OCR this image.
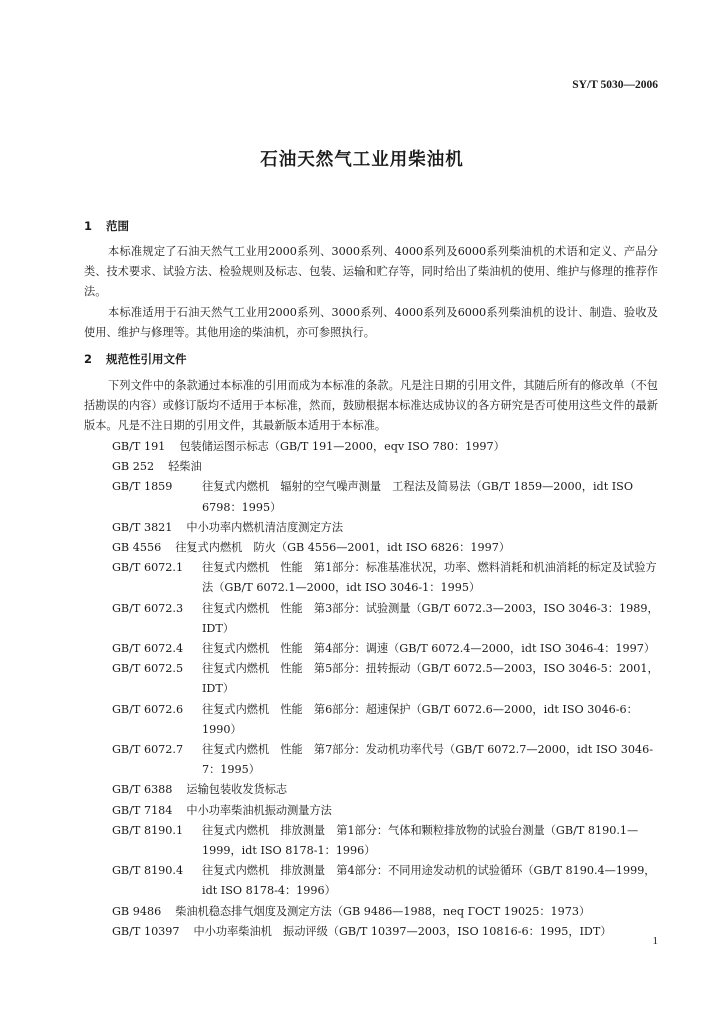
SY/T 5030—2006
石油天然气工业用柴油机
1 范围

本标准规定了石油天然气工业用2000系列、3000系列、4000系列及6000系列柴油机的术语和定义、产品分类、技术要求、试验方法、检验规则及标志、包装、运输和贮存等，同时给出了柴油机的使用、维护与修理的推荐作法。

本标准适用于石油天然气工业用2000系列、3000系列、4000系列及6000系列柴油机的设计、制造、验收及使用、维护与修理等。其他用途的柴油机，亦可参照执行。

2 规范性引用文件

下列文件中的条款通过本标准的引用而成为本标准的条款。凡是注日期的引用文件，其随后所有的修改单（不包括勘误的内容）或修订版均不适用于本标准，然而，鼓励根据本标准达成协议的各方研究是否可使用这些文件的最新版本。凡是不注日期的引用文件，其最新版本适用于本标准。

GB/T 191 包装储运图示标志（GB/T 191—2000，eqv ISO 780：1997）
GB 252 轻柴油
GB/T 1859	往复式内燃机　辐射的空气噪声测量　工程法及简易法（GB/T 1859—2000，idt ISO 6798：1995）
GB/T 3821 中小功率内燃机清洁度测定方法
GB 4556 往复式内燃机　防火（GB 4556—2001，idt ISO 6826：1997）
GB/T 6072.1	往复式内燃机　性能　第1部分：标准基准状况，功率、燃料消耗和机油消耗的标定及试验方法（GB/T 6072.1—2000，idt ISO 3046-1：1995）
GB/T 6072.3	往复式内燃机　性能　第3部分：试验测量（GB/T 6072.3—2003，ISO 3046-3：1989，IDT）
GB/T 6072.4	往复式内燃机　性能　第4部分：调速（GB/T 6072.4—2000，idt ISO 3046-4：1997）
GB/T 6072.5	往复式内燃机　性能　第5部分：扭转振动（GB/T 6072.5—2003，ISO 3046-5：2001，IDT）
GB/T 6072.6	往复式内燃机　性能　第6部分：超速保护（GB/T 6072.6—2000，idt ISO 3046-6：1990）
GB/T 6072.7	往复式内燃机　性能　第7部分：发动机功率代号（GB/T 6072.7—2000，idt ISO 3046-7：1995）
GB/T 6388 运输包装收发货标志
GB/T 7184 中小功率柴油机振动测量方法
GB/T 8190.1	往复式内燃机　排放测量　第1部分：气体和颗粒排放物的试验台测量（GB/T 8190.1—1999，idt ISO 8178-1：1996）
GB/T 8190.4	往复式内燃机　排放测量　第4部分：不同用途发动机的试验循环（GB/T 8190.4—1999，idt ISO 8178-4：1996）
GB 9486 柴油机稳态排气烟度及测定方法（GB 9486—1988，neq ГОСТ 19025：1973）
GB/T 10397 中小功率柴油机　振动评级（GB/T 10397—2003，ISO 10816-6：1995，IDT）
1
